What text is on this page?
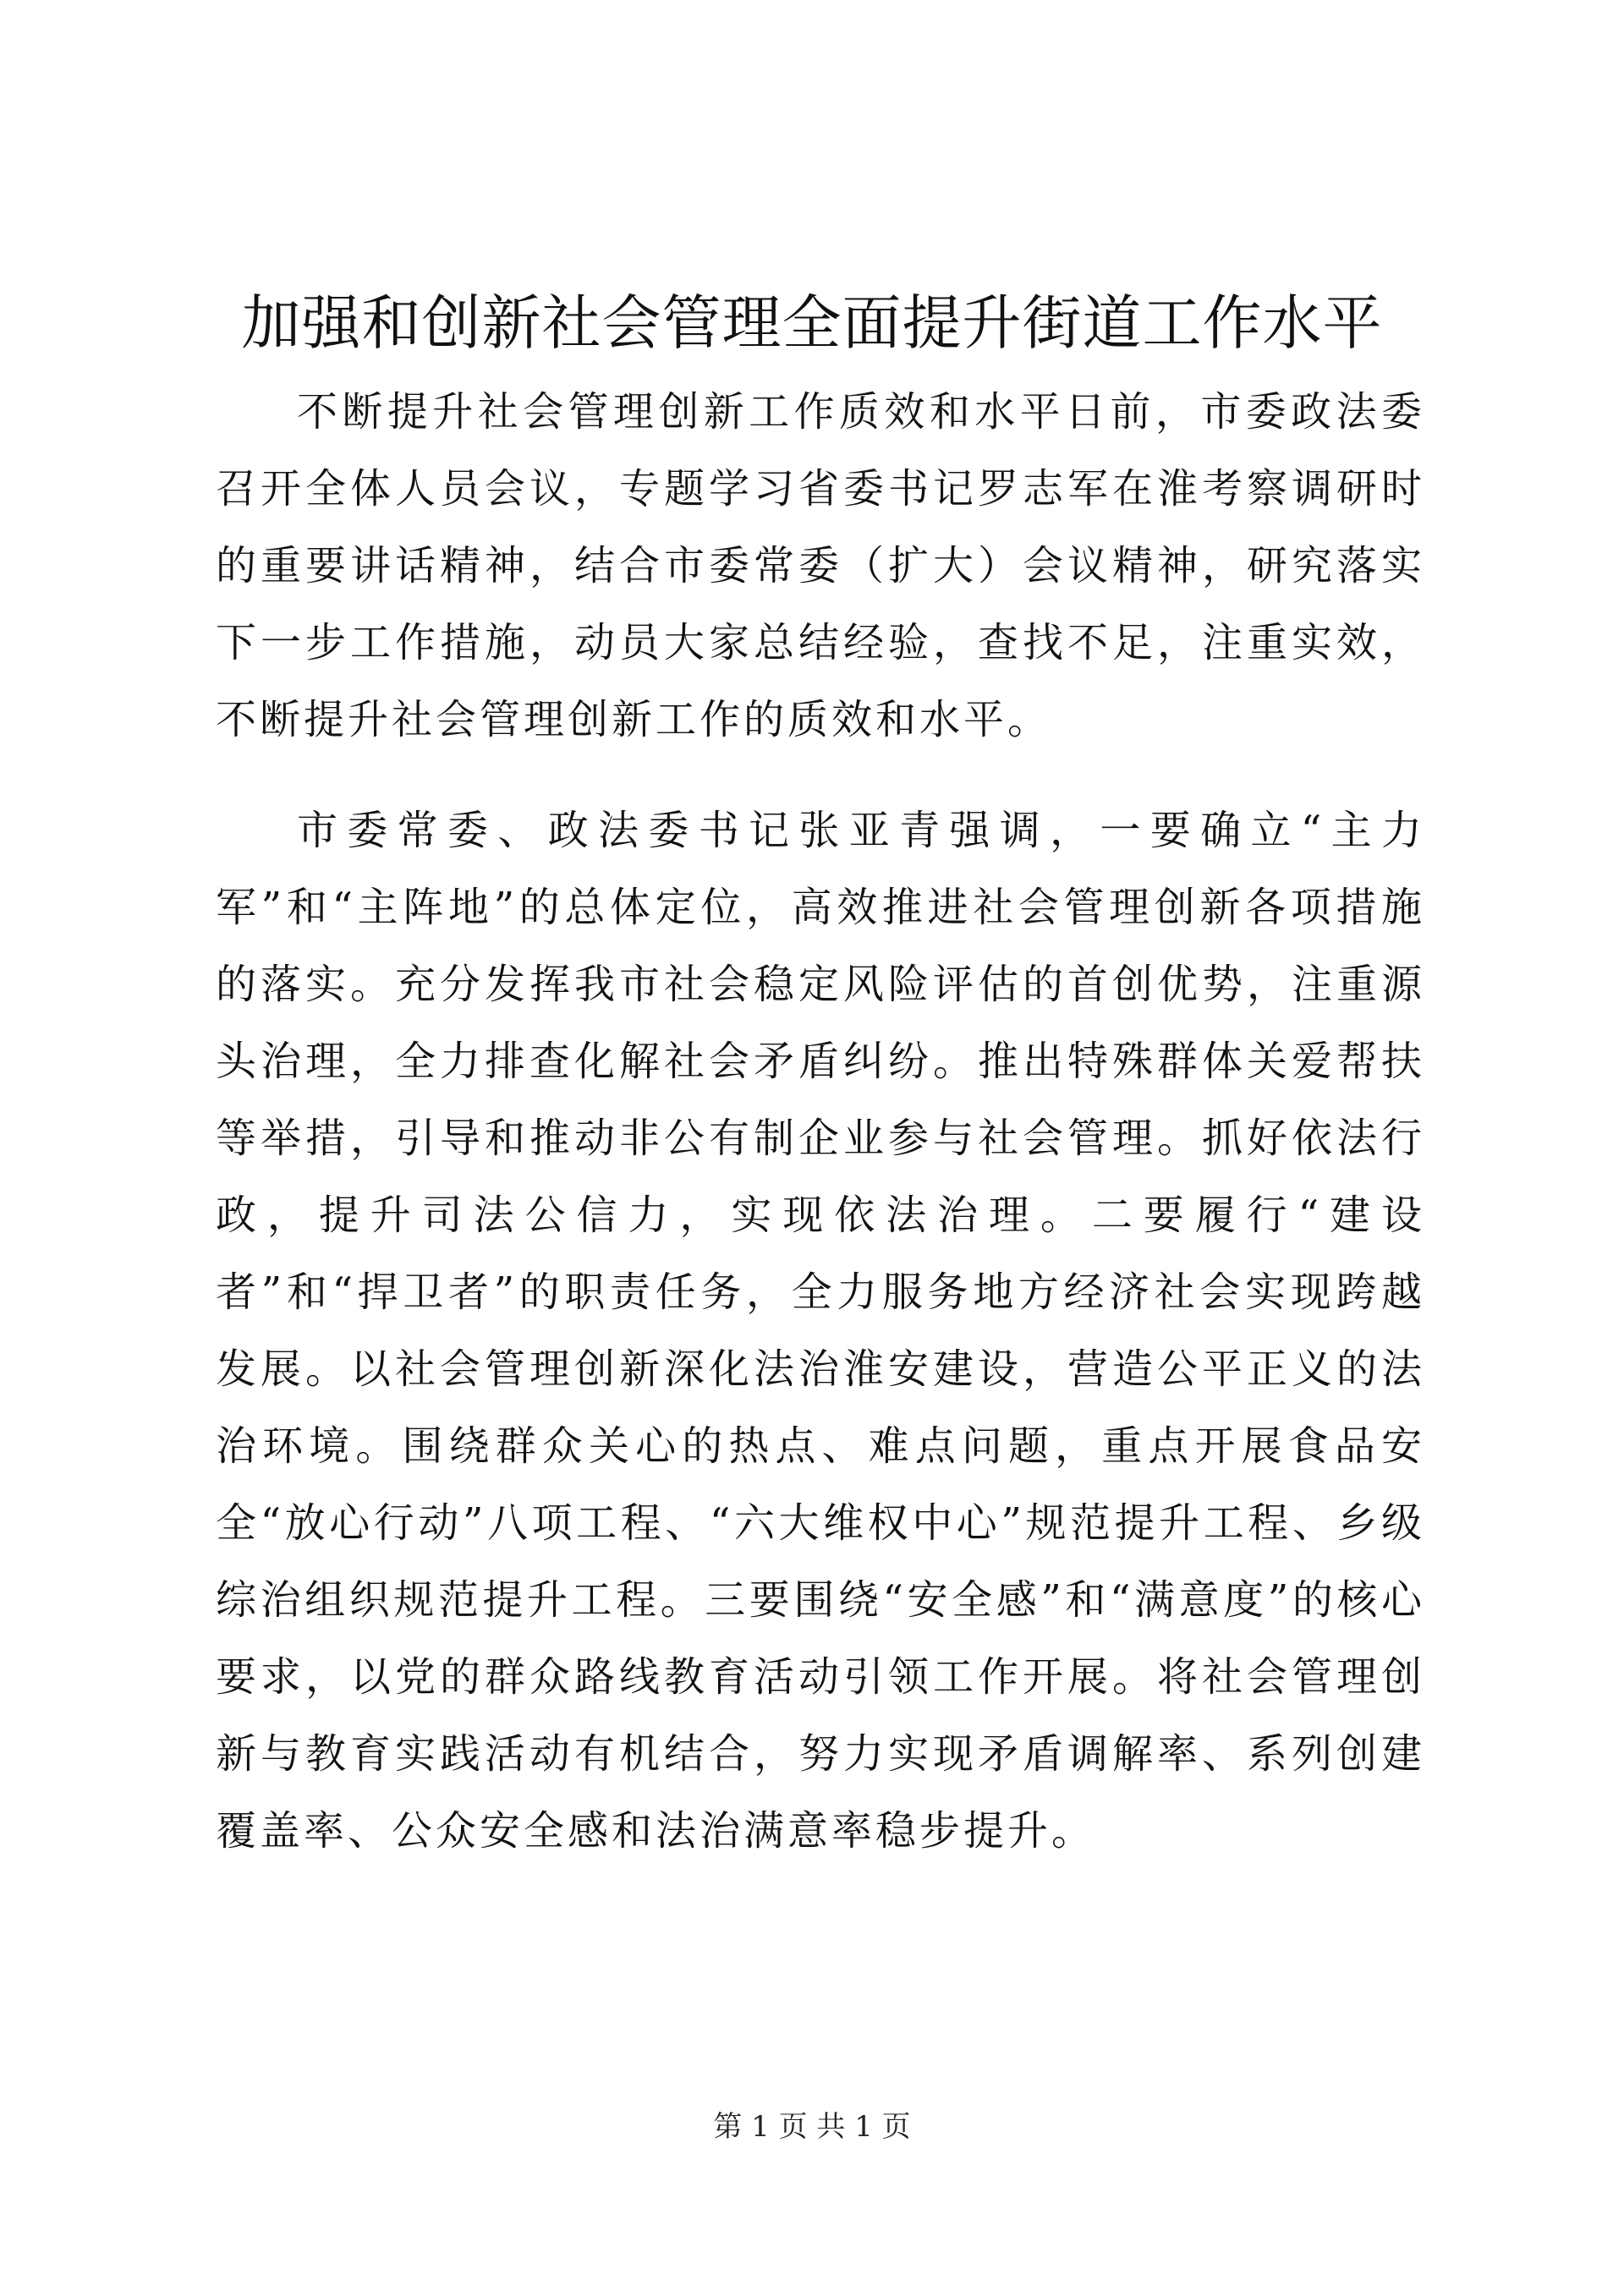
加强和创新社会管理全面提升街道工作水平

不断提升社会管理创新工作质效和水平日前，市委政法委召开全体人员会议，专题学习省委书记罗志军在淮考察调研时的重要讲话精神，结合市委常委（扩大）会议精神，研究落实下一步工作措施，动员大家总结经验，查找不足，注重实效，不断提升社会管理创新工作的质效和水平。

市委常委、政法委书记张亚青强调，一要确立“主力军”和“主阵地”的总体定位，高效推进社会管理创新各项措施的落实。充分发挥我市社会稳定风险评估的首创优势，注重源头治理，全力排查化解社会矛盾纠纷。推出特殊群体关爱帮扶等举措，引导和推动非公有制企业参与社会管理。抓好依法行政，提升司法公信力，实现依法治理。二要履行“建设者”和“捍卫者”的职责任务，全力服务地方经济社会实现跨越发展。以社会管理创新深化法治淮安建设，营造公平正义的法治环境。围绕群众关心的热点、难点问题，重点开展食品安全“放心行动”八项工程、“六大维权中心”规范提升工程、乡级综治组织规范提升工程。三要围绕“安全感”和“满意度”的核心要求，以党的群众路线教育活动引领工作开展。将社会管理创新与教育实践活动有机结合，努力实现矛盾调解率、系列创建覆盖率、公众安全感和法治满意率稳步提升。

第 1 页 共 1 页
